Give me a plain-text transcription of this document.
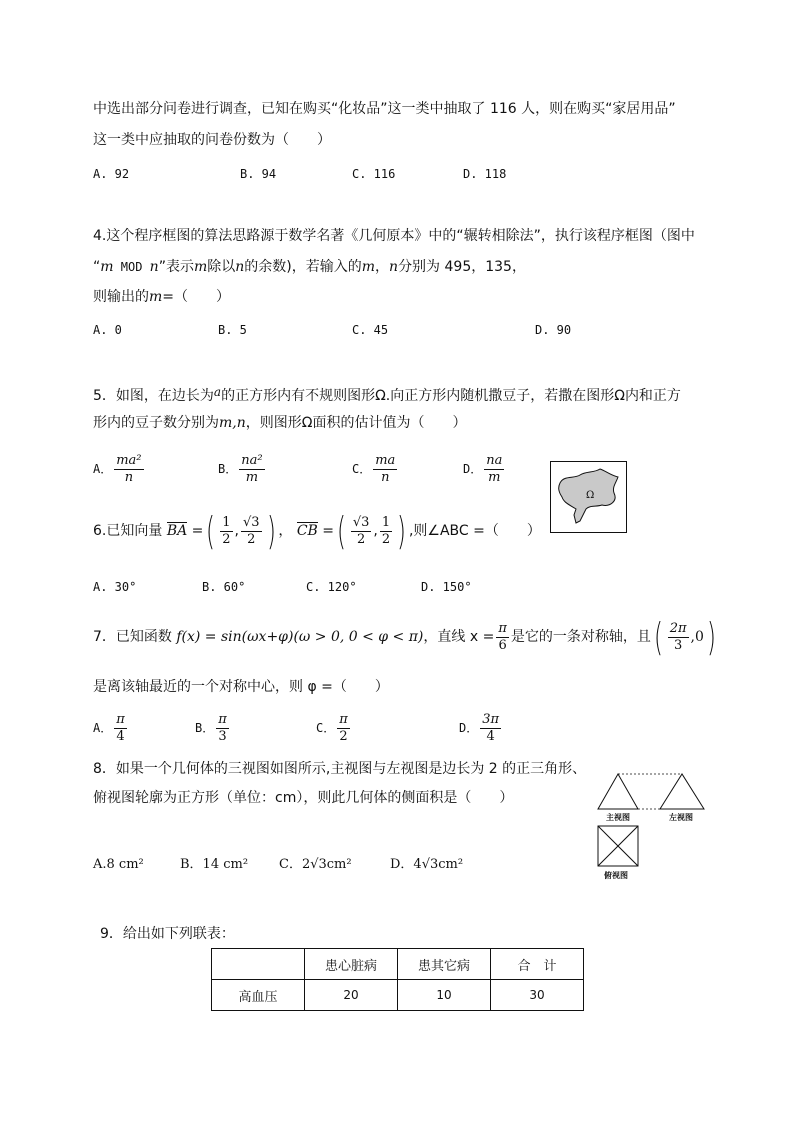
中选出部分问卷进行调查，已知在购买“化妆品”这一类中抽取了 116 人，则在购买“家居用品”
这一类中应抽取的问卷份数为（　　）
A. 92	B. 94	C. 116	D. 118
4.这个程序框图的算法思路源于数学名著《几何原本》中的“辗转相除法”，执行该程序框图（图中
“m MOD n”表示m除以n的余数)，若输入的m，n分别为 495，135，
则输出的m=（　　）
A. 0	B. 5	C. 45	D. 90
5．如图，在边长为a的正方形内有不规则图形Ω.向正方形内随机撒豆子，若撒在图形Ω内和正方
形内的豆子数分别为m,n，则图形Ω面积的估计值为（　　）
A． $\frac{\text{ma²}}{n}$	B． $\frac{\text{na²}}{m}$	C． $\frac{ma}{n}$	D． $\frac{na}{m}$
Ω
6.已知向量 BA =( $\frac{1}{2}$ , $\frac{√3}{2}$ ) ， CB =( $\frac{√3}{2}$ , $\frac{1}{2}$ ) ,则∠ABC =（　　）
A. 30°	B. 60°	C. 120°	D. 150°
7．已知函数 f(x) = sin(ωx+φ)(ω > 0, 0 < φ < π)，直线 $x = \frac{\pi}{6}$ 是它的一条对称轴，且( $\frac{2\pi}{3} ,0$)
是离该轴最近的一个对称中心，则 φ =（　　）
A． $\frac{\pi}{4}$	B． $\frac{\pi}{3}$	C． $\frac{\pi}{2}$	D． $\frac{3\pi}{4}$
8．如果一个几何体的三视图如图所示,主视图与左视图是边长为 2 的正三角形、
俯视图轮廓为正方形（单位：cm），则此几何体的侧面积是（　　）
A.8 cm²	B．14 cm² C．2√3cm²	D．4√3cm²
主视图	左视图
俯视图
9．给出如下列联表：
	患心脏病	患其它病	合　计
高血压	20	10	30
